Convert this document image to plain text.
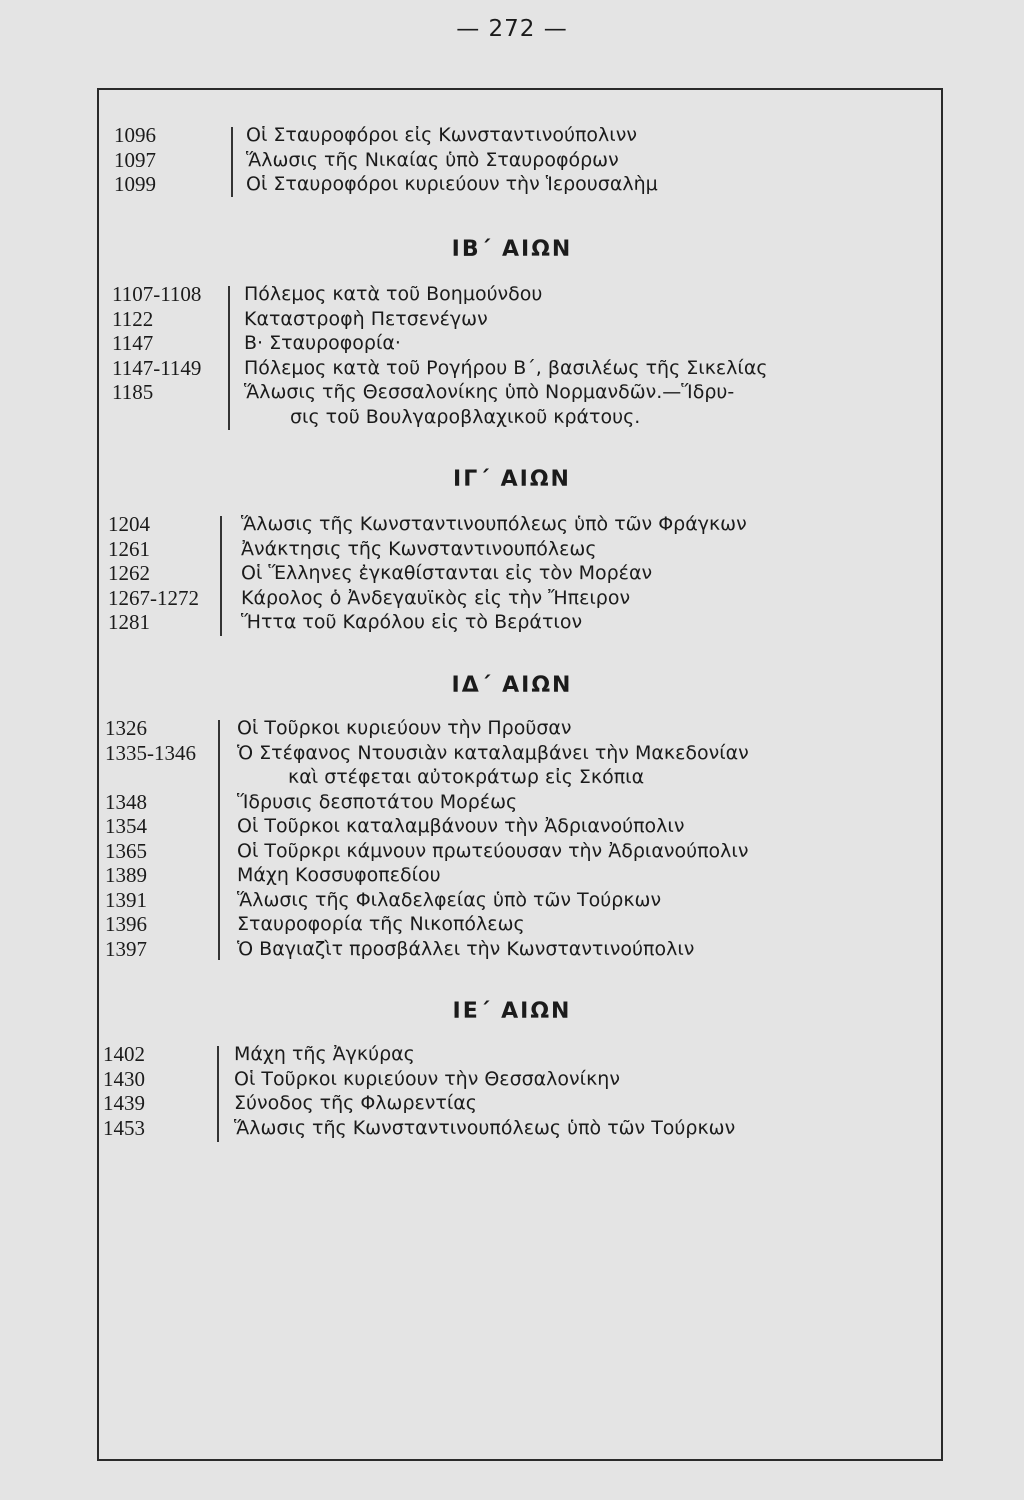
— 272 —
1096	Οἱ Σταυροφόροι εἰς Κωνσταντινούπολινν
1097	Ἅλωσις τῆς Νικαίας ὑπὸ Σταυροφόρων
1099	Οἱ Σταυροφόροι κυριεύουν τὴν Ἱερουσαλὴμ
ΙΒ΄ ΑΙΩΝ
1107-1108 Πόλεμος κατὰ τοῦ Βοημούνδου
1122	Καταστροφὴ Πετσενέγων
1147	Β· Σταυροφορία·
1147-1149 Πόλεμος κατὰ τοῦ Ρογήρου Β΄, βασιλέως τῆς Σικελίας
1185	Ἅλωσις τῆς Θεσσαλονίκης ὑπὸ Νορμανδῶν.—Ἵδρυ-
σις τοῦ Βουλγαροβλαχικοῦ κράτους.
ΙΓ΄ ΑΙΩΝ
1204	Ἅλωσις τῆς Κωνσταντινουπόλεως ὑπὸ τῶν Φράγκων
1261	Ἀνάκτησις τῆς Κωνσταντινουπόλεως
1262	Οἱ Ἕλληνες ἐγκαθίστανται εἰς τὸν Μορέαν
1267-1272 Κάρολος ὁ Ἀνδεγαυϊκὸς εἰς τὴν Ἤπειρον
1281	Ἥττα τοῦ Καρόλου εἰς τὸ Βεράτιον
ΙΔ΄ ΑΙΩΝ
1326	Οἱ Τοῦρκοι κυριεύουν τὴν Προῦσαν
1335-1346 Ὁ Στέφανος Ντουσιὰν καταλαμβάνει τὴν Μακεδονίαν
καὶ στέφεται αὐτοκράτωρ εἰς Σκόπια
1348	Ἵδρυσις δεσποτάτου Μορέως
1354	Οἱ Τοῦρκοι καταλαμβάνουν τὴν Ἀδριανούπολιν
1365	Οἱ Τοῦρκρι κάμνουν πρωτεύουσαν τὴν Ἀδριανούπολιν
1389	Μάχη Κοσσυφοπεδίου
1391	Ἅλωσις τῆς Φιλαδελφείας ὑπὸ τῶν Τούρκων
1396	Σταυροφορία τῆς Νικοπόλεως
1397	Ὁ Βαγιαζὶτ προσβάλλει τὴν Κωνσταντινούπολιν
ΙΕ΄ ΑΙΩΝ
1402	Μάχη τῆς Ἀγκύρας
1430	Οἱ Τοῦρκοι κυριεύουν τὴν Θεσσαλονίκην
1439	Σύνοδος τῆς Φλωρεντίας
1453	Ἅλωσις τῆς Κωνσταντινουπόλεως ὑπὸ τῶν Τούρκων
